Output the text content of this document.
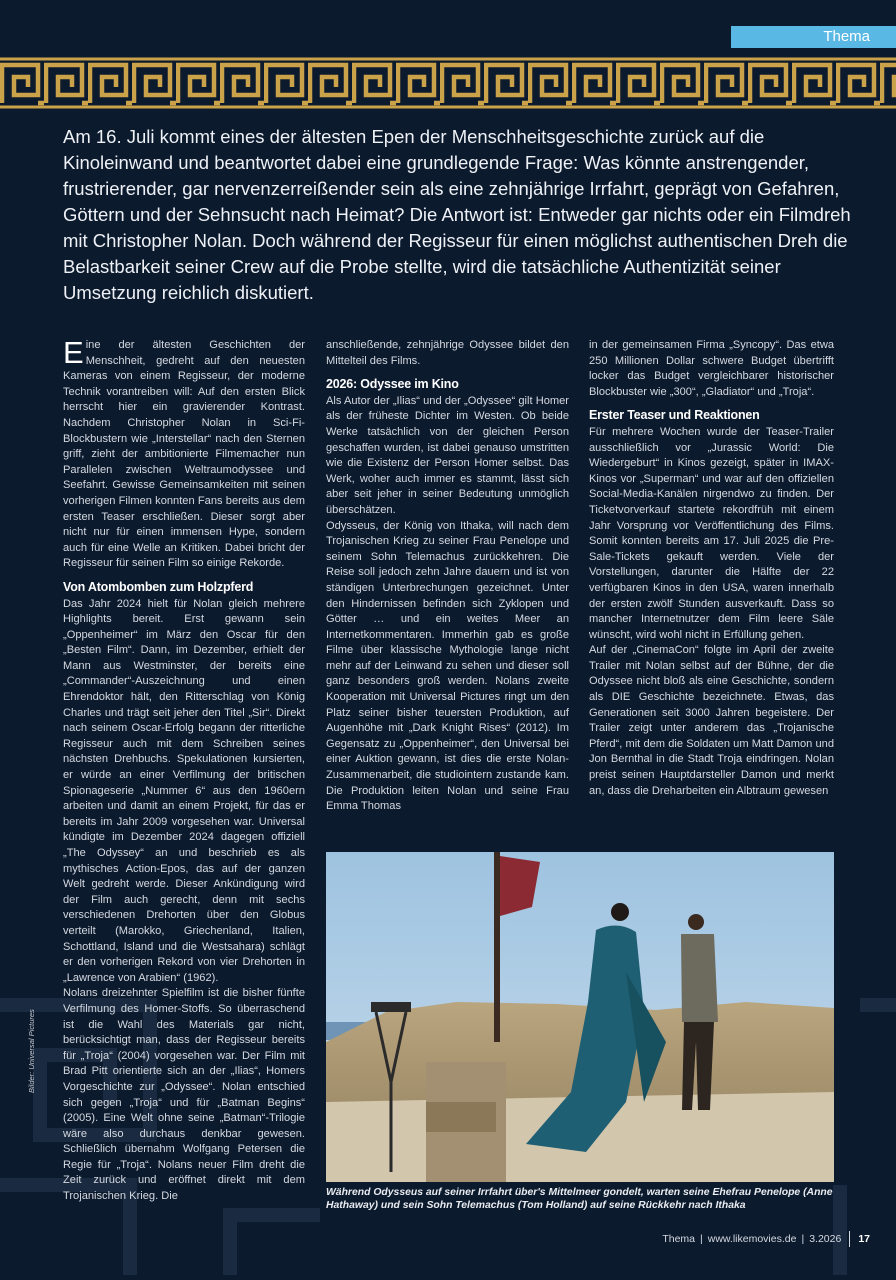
Thema

Am 16. Juli kommt eines der ältesten Epen der Menschheitsgeschichte zurück auf die Kinoleinwand und beantwortet dabei eine grundlegende Frage: Was könnte anstrengender, frustrierender, gar nervenzerreißender sein als eine zehnjährige Irrfahrt, geprägt von Gefahren, Göttern und der Sehnsucht nach Heimat? Die Antwort ist: Entweder gar nichts oder ein Filmdreh mit Christopher Nolan. Doch während der Regisseur für einen möglichst authentischen Dreh die Belastbarkeit seiner Crew auf die Probe stellte, wird die tatsächliche Authentizität seiner Umsetzung reichlich diskutiert.

Eine der ältesten Geschichten der Menschheit, gedreht auf den neuesten Kameras von einem Regisseur, der moderne Technik vorantreiben will: Auf den ersten Blick herrscht hier ein gravierender Kontrast. Nachdem Christopher Nolan in Sci-Fi-Blockbustern wie „Interstellar“ nach den Sternen griff, zieht der ambitionierte Filmemacher nun Parallelen zwischen Weltraumodyssee und Seefahrt. Gewisse Gemeinsamkeiten mit seinen vorherigen Filmen konnten Fans bereits aus dem ersten Teaser erschließen. Dieser sorgt aber nicht nur für einen immensen Hype, sondern auch für eine Welle an Kritiken. Dabei bricht der Regisseur für seinen Film so einige Rekorde.

Von Atombomben zum Holzpferd

Das Jahr 2024 hielt für Nolan gleich mehrere Highlights bereit. Erst gewann sein „Oppenheimer“ im März den Oscar für den „Besten Film“. Dann, im Dezember, erhielt der Mann aus Westminster, der bereits eine „Commander“-Auszeichnung und einen Ehrendoktor hält, den Ritterschlag von König Charles und trägt seit jeher den Titel „Sir“. Direkt nach seinem Oscar-Erfolg begann der ritterliche Regisseur auch mit dem Schreiben seines nächsten Drehbuchs. Spekulationen kursierten, er würde an einer Verfilmung der britischen Spionageserie „Nummer 6“ aus den 1960ern arbeiten und damit an einem Projekt, für das er bereits im Jahr 2009 vorgesehen war. Universal kündigte im Dezember 2024 dagegen offiziell „The Odyssey“ an und beschrieb es als mythisches Action-Epos, das auf der ganzen Welt gedreht werde. Dieser Ankündigung wird der Film auch gerecht, denn mit sechs verschiedenen Drehorten über den Globus verteilt (Marokko, Griechenland, Italien, Schottland, Island und die Westsahara) schlägt er den vorherigen Rekord von vier Drehorten in „Lawrence von Arabien“ (1962).

Nolans dreizehnter Spielfilm ist die bisher fünfte Verfilmung des Homer-Stoffs. So überraschend ist die Wahl des Materials gar nicht, berücksichtigt man, dass der Regisseur bereits für „Troja“ (2004) vorgesehen war. Der Film mit Brad Pitt orientierte sich an der „Ilias“, Homers Vorgeschichte zur „Odyssee“. Nolan entschied sich gegen „Troja“ und für „Batman Begins“ (2005). Eine Welt ohne seine „Batman“-Trilogie wäre also durchaus denkbar gewesen. Schließlich übernahm Wolfgang Petersen die Regie für „Troja“. Nolans neuer Film dreht die Zeit zurück und eröffnet direkt mit dem Trojanischen Krieg. Die

anschließende, zehnjährige Odyssee bildet den Mittelteil des Films.

2026: Odyssee im Kino

Als Autor der „Ilias“ und der „Odyssee“ gilt Homer als der früheste Dichter im Westen. Ob beide Werke tatsächlich von der gleichen Person geschaffen wurden, ist dabei genauso umstritten wie die Existenz der Person Homer selbst. Das Werk, woher auch immer es stammt, lässt sich aber seit jeher in seiner Bedeutung unmöglich überschätzen.

Odysseus, der König von Ithaka, will nach dem Trojanischen Krieg zu seiner Frau Penelope und seinem Sohn Telemachus zurückkehren. Die Reise soll jedoch zehn Jahre dauern und ist von ständigen Unterbrechungen gezeichnet. Unter den Hindernissen befinden sich Zyklopen und Götter … und ein weites Meer an Internetkommentaren. Immerhin gab es große Filme über klassische Mythologie lange nicht mehr auf der Leinwand zu sehen und dieser soll ganz besonders groß werden. Nolans zweite Kooperation mit Universal Pictures ringt um den Platz seiner bisher teuersten Produktion, auf Augenhöhe mit „Dark Knight Rises“ (2012). Im Gegensatz zu „Oppenheimer“, den Universal bei einer Auktion gewann, ist dies die erste Nolan-Zusammenarbeit, die studiointern zustande kam. Die Produktion leiten Nolan und seine Frau Emma Thomas

in der gemeinsamen Firma „Syncopy“. Das etwa 250 Millionen Dollar schwere Budget übertrifft locker das Budget vergleichbarer historischer Blockbuster wie „300“, „Gladiator“ und „Troja“.

Erster Teaser und Reaktionen

Für mehrere Wochen wurde der Teaser-Trailer ausschließlich vor „Jurassic World: Die Wiedergeburt“ in Kinos gezeigt, später in IMAX-Kinos vor „Superman“ und war auf den offiziellen Social-Media-Kanälen nirgendwo zu finden. Der Ticketvorverkauf startete rekordfrüh mit einem Jahr Vorsprung vor Veröffentlichung des Films. Somit konnten bereits am 17. Juli 2025 die Pre-Sale-Tickets gekauft werden. Viele der Vorstellungen, darunter die Hälfte der 22 verfügbaren Kinos in den USA, waren innerhalb der ersten zwölf Stunden ausverkauft. Dass so mancher Internetnutzer dem Film leere Säle wünscht, wird wohl nicht in Erfüllung gehen.

Auf der „CinemaCon“ folgte im April der zweite Trailer mit Nolan selbst auf der Bühne, der die Odyssee nicht bloß als eine Geschichte, sondern als DIE Geschichte bezeichnete. Etwas, das Generationen seit 3000 Jahren begeistere. Der Trailer zeigt unter anderem das „Trojanische Pferd“, mit dem die Soldaten um Matt Damon und Jon Bernthal in die Stadt Troja eindringen. Nolan preist seinen Hauptdarsteller Damon und merkt an, dass die Dreharbeiten ein Albtraum gewesen

Während Odysseus auf seiner Irrfahrt über's Mittelmeer gondelt, warten seine Ehefrau Penelope (Anne Hathaway) und sein Sohn Telemachus (Tom Holland) auf seine Rückkehr nach Ithaka

Bilder: Universal Pictures
Thema | www.likemovies.de | 3.2026 17
